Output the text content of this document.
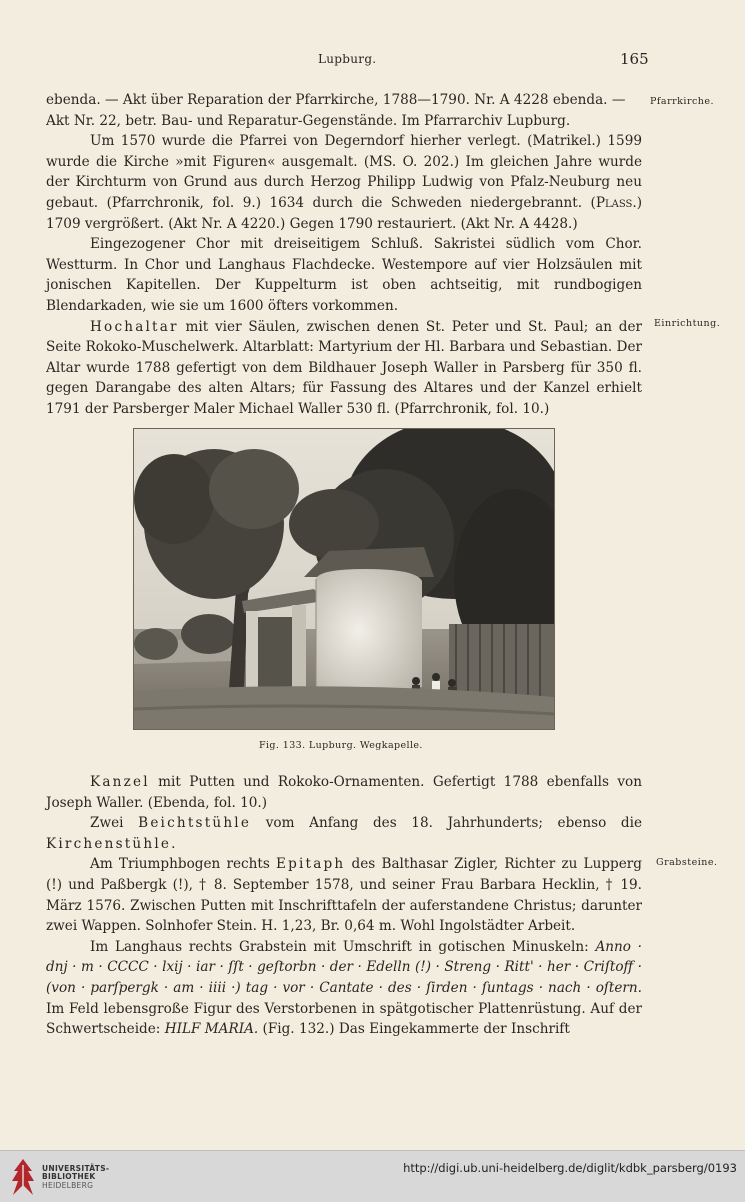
Lupburg.	165
Pfarrkirche.
Einrichtung.
Grabsteine.

ebenda. — Akt über Reparation der Pfarrkirche, 1788—1790. Nr. A 4228 ebenda. —
Akt Nr. 22, betr. Bau- und Reparatur-Gegenstände. Im Pfarrarchiv Lupburg.

Um 1570 wurde die Pfarrei von Degerndorf hierher verlegt. (Matrikel.) 1599 wurde die Kirche »mit Figuren« ausgemalt. (MS. O. 202.) Im gleichen Jahre wurde der Kirchturm von Grund aus durch Herzog Philipp Ludwig von Pfalz-Neuburg neu gebaut. (Pfarrchronik, fol. 9.) 1634 durch die Schweden niedergebrannt. (Plass.) 1709 vergrößert. (Akt Nr. A 4220.) Gegen 1790 restauriert. (Akt Nr. A 4428.)

Eingezogener Chor mit dreiseitigem Schluß. Sakristei südlich vom Chor. Westturm. In Chor und Langhaus Flachdecke. Westempore auf vier Holzsäulen mit jonischen Kapitellen. Der Kuppelturm ist oben achtseitig, mit rundbogigen Blendarkaden, wie sie um 1600 öfters vorkommen.

Hochaltar mit vier Säulen, zwischen denen St. Peter und St. Paul; an der Seite Rokoko-Muschelwerk. Altarblatt: Martyrium der Hl. Barbara und Sebastian. Der Altar wurde 1788 gefertigt von dem Bildhauer Joseph Waller in Parsberg für 350 fl. gegen Darangabe des alten Altars; für Fassung des Altares und der Kanzel erhielt 1791 der Parsberger Maler Michael Waller 530 fl. (Pfarrchronik, fol. 10.)

Fig. 133. Lupburg. Wegkapelle.

Kanzel mit Putten und Rokoko-Ornamenten. Gefertigt 1788 ebenfalls von Joseph Waller. (Ebenda, fol. 10.)

Zwei Beichtstühle vom Anfang des 18. Jahrhunderts; ebenso die Kirchenstühle.

Am Triumphbogen rechts Epitaph des Balthasar Zigler, Richter zu Lupperg (!) und Paßbergk (!), † 8. September 1578, und seiner Frau Barbara Hecklin, † 19. März 1576. Zwischen Putten mit Inschrifttafeln der auferstandene Christus; darunter zwei Wappen. Solnhofer Stein. H. 1,23, Br. 0,64 m. Wohl Ingolstädter Arbeit.

Im Langhaus rechts Grabstein mit Umschrift in gotischen Minuskeln: Anno · dnj · m · CCCC · lxij · iar · ſſt · geſtorbn · der · Edelln (!) · Streng · Ritt' · her · Criſtoff · (von · parſpergk · am · iiii ·) tag · vor · Cantate · des · ſirden · ſuntags · nach · oſtern. Im Feld lebensgroße Figur des Verstorbenen in spätgotischer Plattenrüstung. Auf der Schwertscheide: HILF MARIA. (Fig. 132.) Das Eingekammerte der Inschrift

UNIVERSITÄTS-
BIBLIOTHEK
HEIDELBERG
http://digi.ub.uni-heidelberg.de/diglit/kdbk_parsberg/0193
